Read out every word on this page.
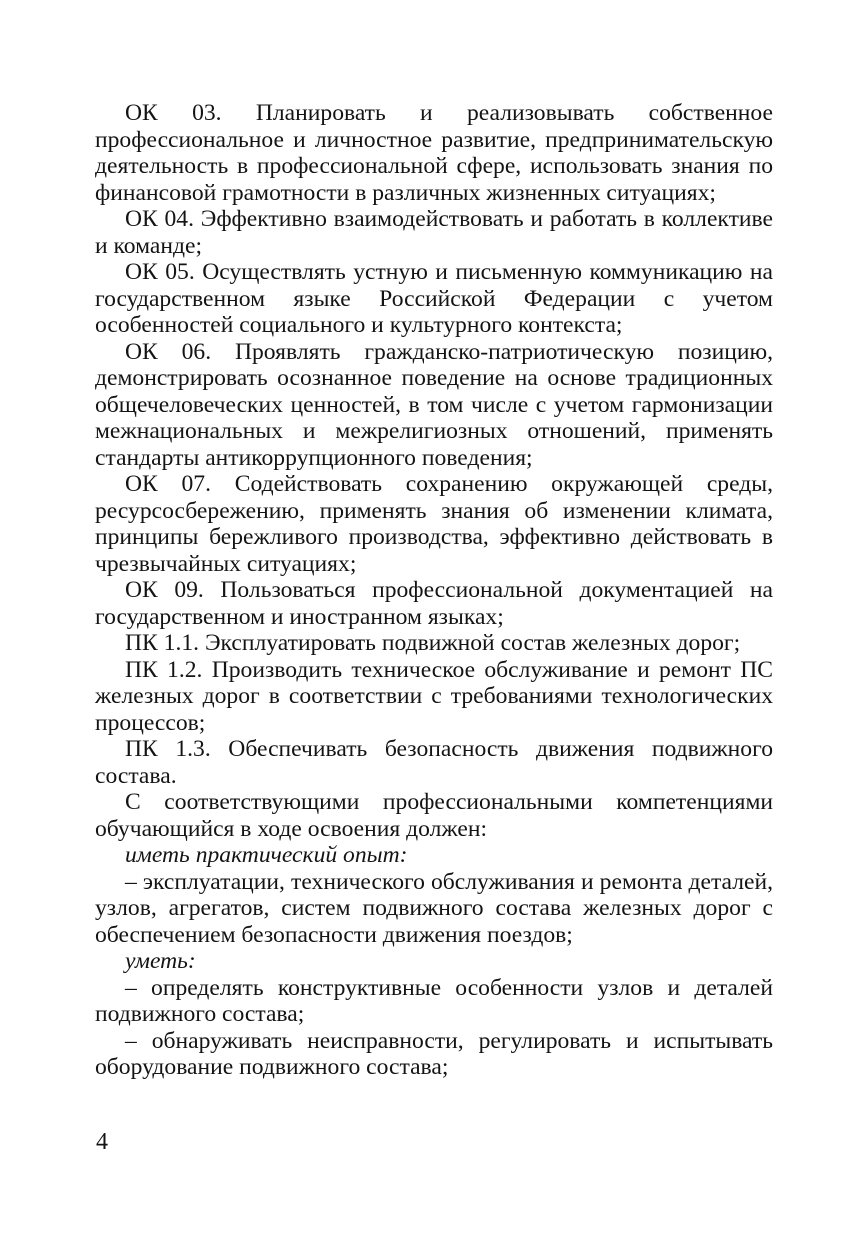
ОК 03. Планировать и реализовывать собственное профессиональное и личностное развитие, предпринимательскую деятельность в профессиональной сфере, использовать знания по финансовой грамотности в различных жизненных ситуациях;

ОК 04. Эффективно взаимодействовать и работать в коллективе и команде;

ОК 05. Осуществлять устную и письменную коммуникацию на государственном языке Российской Федерации с учетом особенностей социального и культурного контекста;

ОК 06. Проявлять гражданско-патриотическую позицию, демонстрировать осознанное поведение на основе традиционных общечеловеческих ценностей, в том числе с учетом гармонизации межнациональных и межрелигиозных отношений, применять стандарты антикоррупционного поведения;

ОК 07. Содействовать сохранению окружающей среды, ресурсосбережению, применять знания об изменении климата, принципы бережливого производства, эффективно действовать в чрезвычайных ситуациях;

ОК 09. Пользоваться профессиональной документацией на государственном и иностранном языках;

ПК 1.1. Эксплуатировать подвижной состав железных дорог;

ПК 1.2. Производить техническое обслуживание и ремонт ПС железных дорог в соответствии с требованиями технологических процессов;

ПК 1.3. Обеспечивать безопасность движения подвижного состава.

С соответствующими профессиональными компетенциями обучающийся в ходе освоения должен:

иметь практический опыт:

– эксплуатации, технического обслуживания и ремонта деталей, узлов, агрегатов, систем подвижного состава железных дорог с обеспечением безопасности движения поездов;

уметь:

– определять конструктивные особенности узлов и деталей подвижного состава;

– обнаруживать неисправности, регулировать и испытывать оборудование подвижного состава;

4
